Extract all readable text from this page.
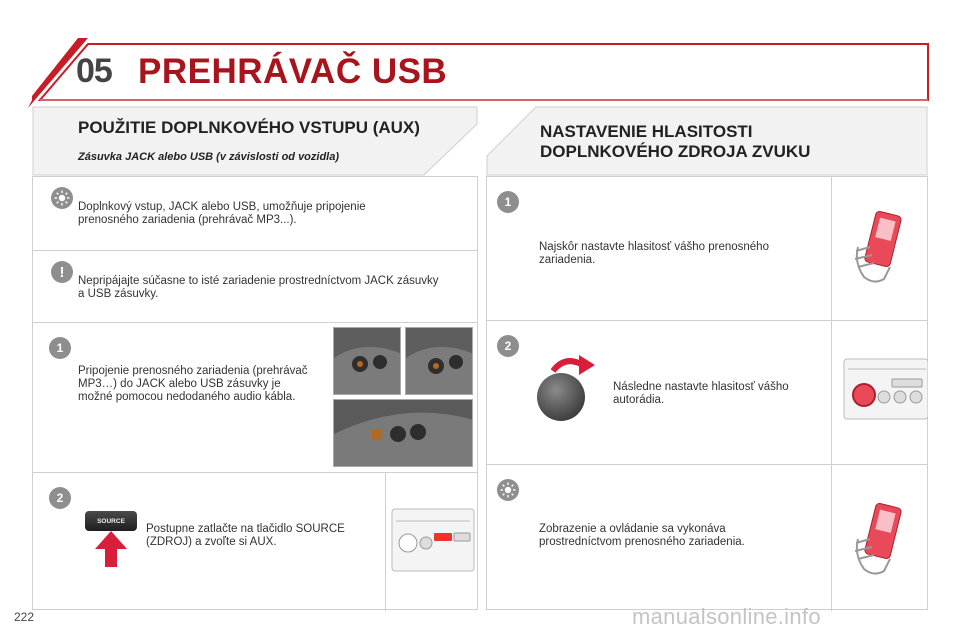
05 PREHRÁVAČ USB
POUŽITIE DOPLNKOVÉHO VSTUPU (AUX)
Zásuvka JACK alebo USB (v závislosti od vozidla)
Doplnkový vstup, JACK alebo USB, umožňuje pripojenie prenosného zariadenia (prehrávač MP3...).
!
Nepripájajte súčasne to isté zariadenie prostredníctvom JACK zásuvky a USB zásuvky.
1
Pripojenie prenosného zariadenia (prehrávač MP3…) do JACK alebo USB zásuvky je možné pomocou nedodaného audio kábla.
2
SOURCE
Postupne zatlačte na tlačidlo SOURCE (ZDROJ) a zvoľte si AUX.
NASTAVENIE HLASITOSTI
DOPLNKOVÉHO ZDROJA ZVUKU
1
Najskôr nastavte hlasitosť vášho prenosného zariadenia.
2
Následne nastavte hlasitosť vášho autorádia.
Zobrazenie a ovládanie sa vykonáva prostredníctvom prenosného zariadenia.
222	manualsonline.info
